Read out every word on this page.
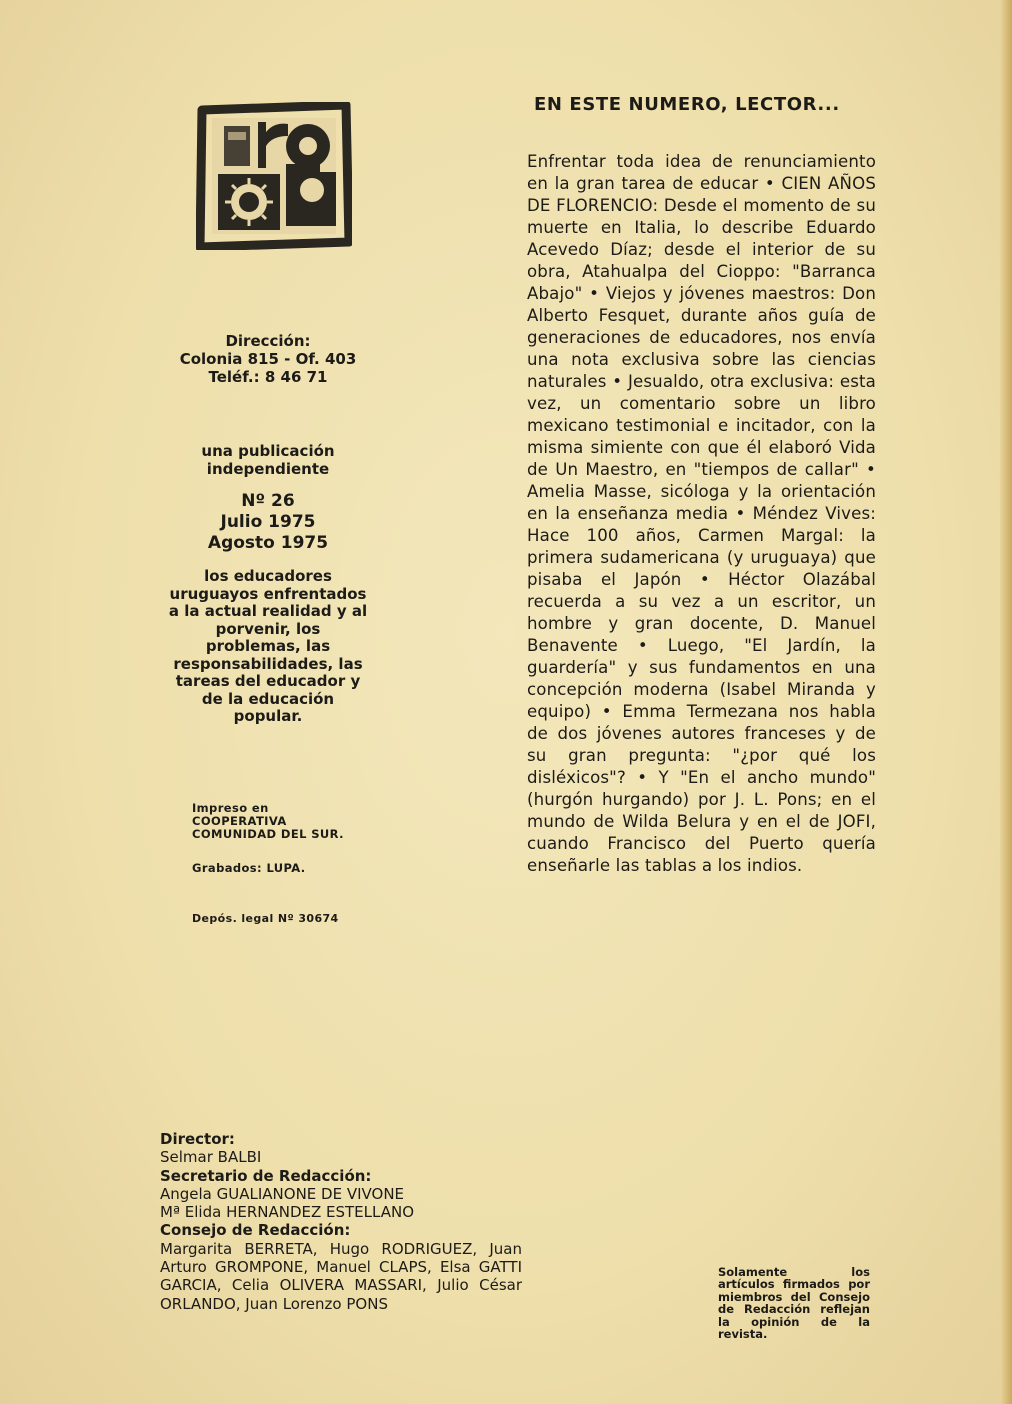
Dirección:
Colonia 815 - Of. 403
Teléf.: 8 46 71
una publicación
independiente
Nº 26
Julio 1975
Agosto 1975
los educadores uruguayos enfrentados a la actual realidad y al porvenir, los problemas, las responsabilidades, las tareas del educador y de la educación popular.
Impreso en COOPERATIVA COMUNIDAD DEL SUR.
Grabados: LUPA.
Depós. legal Nº 30674
EN ESTE NUMERO, LECTOR...

Enfrentar toda idea de renunciamiento en la gran tarea de educar • CIEN AÑOS DE FLORENCIO: Desde el momento de su muerte en Italia, lo describe Eduardo Acevedo Díaz; desde el interior de su obra, Atahualpa del Cioppo: "Barranca Abajo" • Viejos y jóvenes maestros: Don Alberto Fesquet, durante años guía de generaciones de educadores, nos envía una nota exclusiva sobre las ciencias naturales • Jesualdo, otra exclusiva: esta vez, un comentario sobre un libro mexicano testimonial e incitador, con la misma simiente con que él elaboró Vida de Un Maestro, en "tiempos de callar" • Amelia Masse, sicóloga y la orientación en la enseñanza media • Méndez Vives: Hace 100 años, Carmen Margal: la primera sudamericana (y uruguaya) que pisaba el Japón • Héctor Olazábal recuerda a su vez a un escritor, un hombre y gran docente, D. Manuel Benavente • Luego, "El Jardín, la guardería" y sus fundamentos en una concepción moderna (Isabel Miranda y equipo) • Emma Termezana nos habla de dos jóvenes autores franceses y de su gran pregunta: "¿por qué los disléxicos"? • Y "En el ancho mundo" (hurgón hurgando) por J. L. Pons; en el mundo de Wilda Belura y en el de JOFI, cuando Francisco del Puerto quería enseñarle las tablas a los indios.

Director:
Selmar BALBI
Secretario de Redacción:
Angela GUALIANONE DE VIVONE
Mª Elida HERNANDEZ ESTELLANO
Consejo de Redacción:
Margarita BERRETA, Hugo RODRIGUEZ, Juan Arturo GROMPONE, Manuel CLAPS, Elsa GATTI GARCIA, Celia OLIVERA MASSARI, Julio César ORLANDO, Juan Lorenzo PONS
Solamente los artículos firmados por miembros del Consejo de Redacción reflejan la opinión de la revista.
